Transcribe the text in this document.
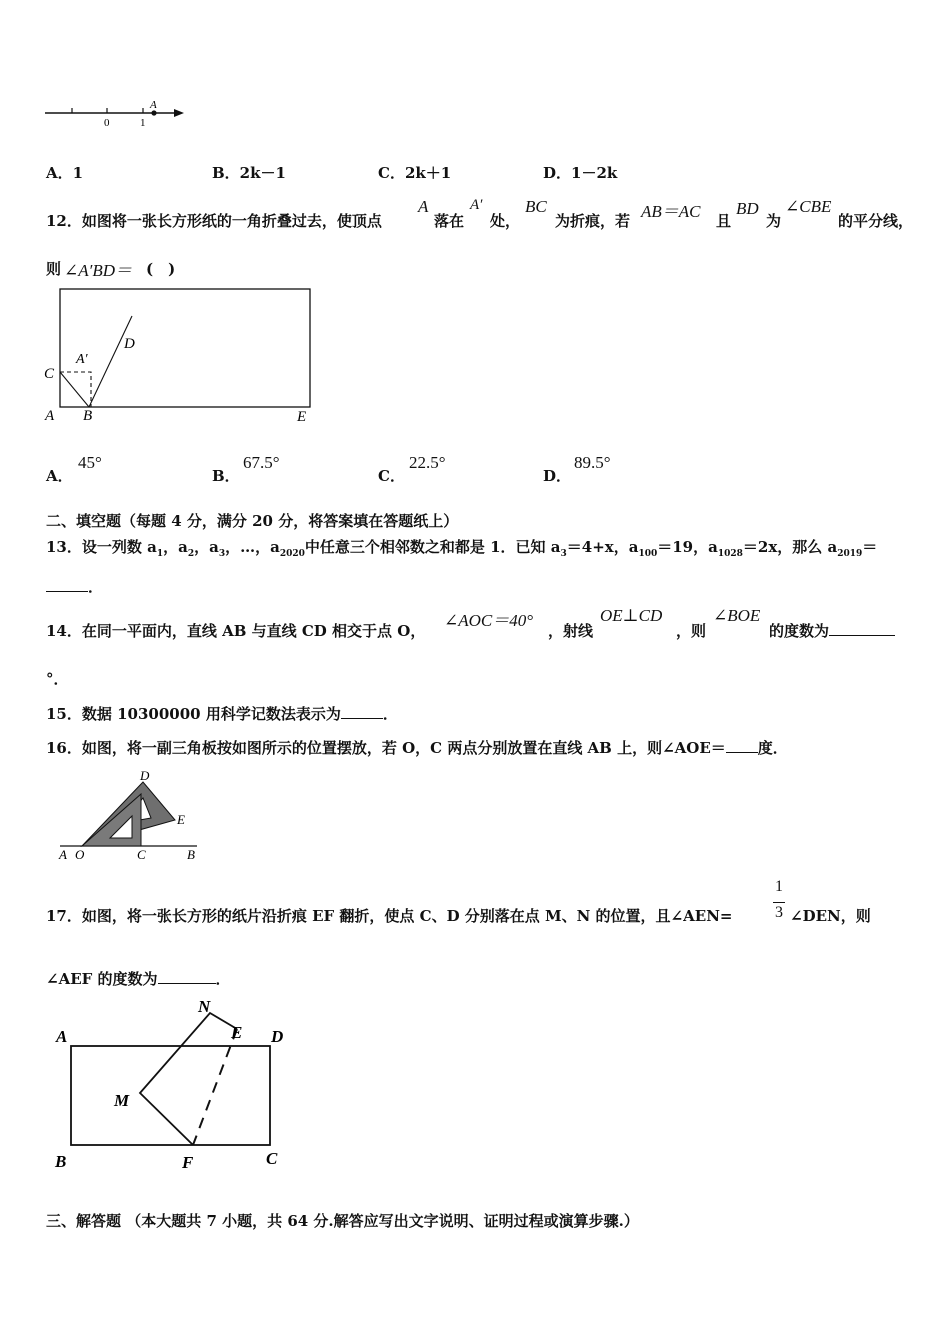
A
0	1
A．1	B．2k－1	C．2k＋1	D．1－2k
12．如图将一张长方形纸的一角折叠过去，使顶点
A
落在
A′
处，
BC
为折痕，若 AB＝AC 且
BD
为
∠CBE
的平分线，
则 ∠A′BD＝ (　)
C
A′
D
A B	E
A．
45°
B．
67.5°
C．
22.5°
D．
89.5°
二、填空题（每题 4 分，满分 20 分，将答案填在答题纸上）
13．设一列数 $a_1$，$a_2$，$a_3$，…，$a_{2020}$中任意三个相邻数之和都是 1．已知 $a_3=4+x$，$a_{100}=19$，$a_{1028}=2x$，那么 $a_{2019}=$
．
14．在同一平面内，直线 AB 与直线 CD 相交于点 O，
∠AOC＝40°
，射线
OE⊥CD
，则
∠BOE
的度数为
°．
15．数据 10300000 用科学记数法表示为	．
16．如图，将一副三角板按如图所示的位置摆放，若 O，C 两点分别放置在直线 AB 上，则∠AOE＝ 度．
D
E
A O	C	B
17．如图，将一张长方形的纸片沿折痕 EF 翻折，使点 C、D 分别落在点 M、N 的位置，且∠AEN=
1
3 ∠DEN，则
∠AEF 的度数为	．
A
N
E D
M
B	F	C
三、解答题 （本大题共 7 小题，共 64 分.解答应写出文字说明、证明过程或演算步骤.）
